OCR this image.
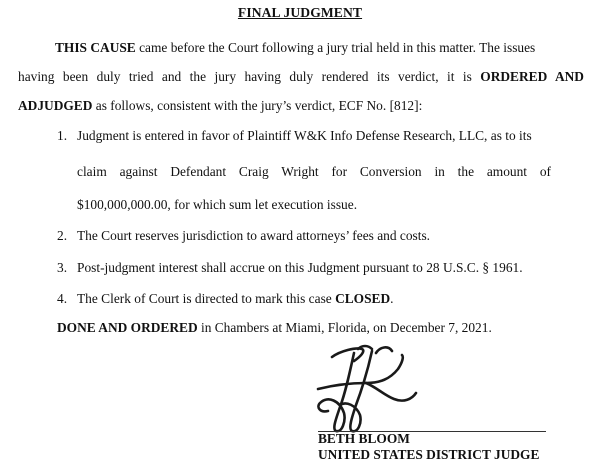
FINAL JUDGMENT
THIS CAUSE came before the Court following a jury trial held in this matter. The issues
having been duly tried and the jury having duly rendered its verdict, it is ORDERED AND
ADJUDGED as follows, consistent with the jury’s verdict, ECF No. [812]:
1. Judgment is entered in favor of Plaintiff W&K Info Defense Research, LLC, as to its
claim against Defendant Craig Wright for Conversion in the amount of
$100,000,000.00, for which sum let execution issue.
2. The Court reserves jurisdiction to award attorneys’ fees and costs.
3. Post-judgment interest shall accrue on this Judgment pursuant to 28 U.S.C. § 1961.
4. The Clerk of Court is directed to mark this case CLOSED.
DONE AND ORDERED in Chambers at Miami, Florida, on December 7, 2021.
BETH BLOOM
UNITED STATES DISTRICT JUDGE
